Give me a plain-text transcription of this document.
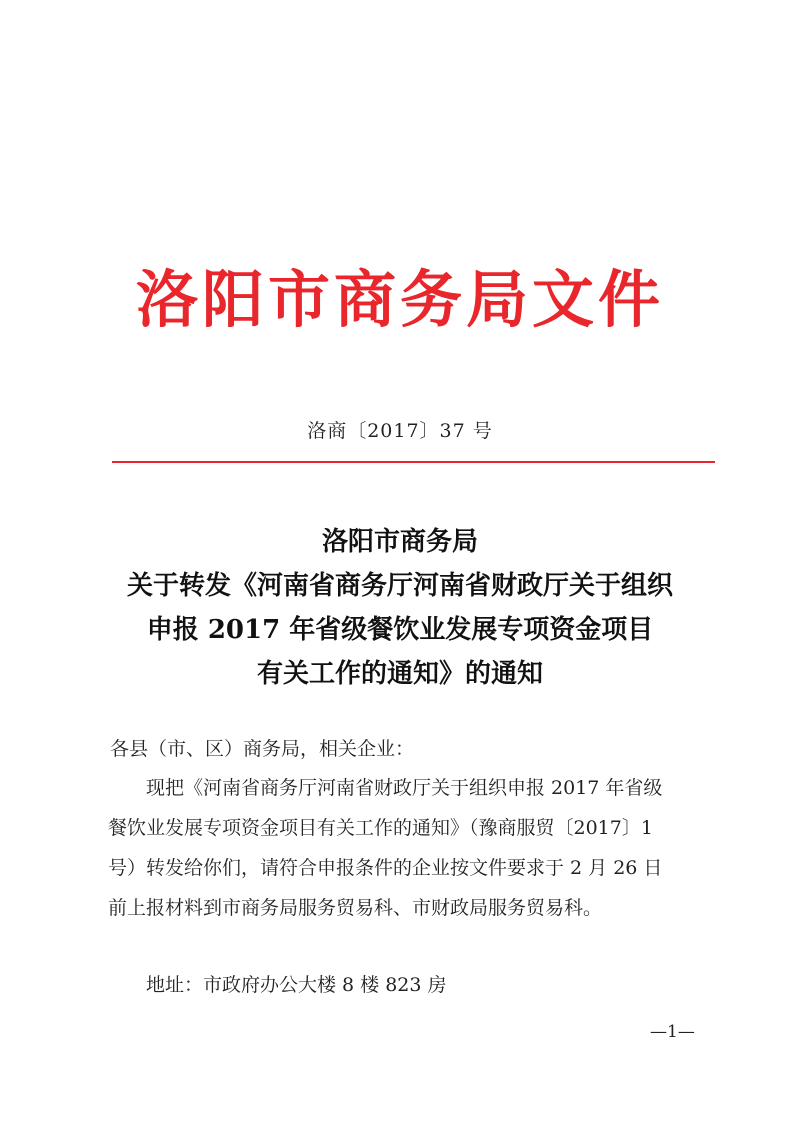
洛阳市商务局文件
洛商〔2017〕37 号
洛阳市商务局
关于转发《河南省商务厅河南省财政厅关于组织
申报 2017 年省级餐饮业发展专项资金项目
有关工作的通知》的通知
各县（市、区）商务局，相关企业：
　　现把《河南省商务厅河南省财政厅关于组织申报 2017 年省级
餐饮业发展专项资金项目有关工作的通知》（豫商服贸〔2017〕1
号）转发给你们，请符合申报条件的企业按文件要求于 2 月 26 日
前上报材料到市商务局服务贸易科、市财政局服务贸易科。
地址：市政府办公大楼 8 楼 823 房
—1—
